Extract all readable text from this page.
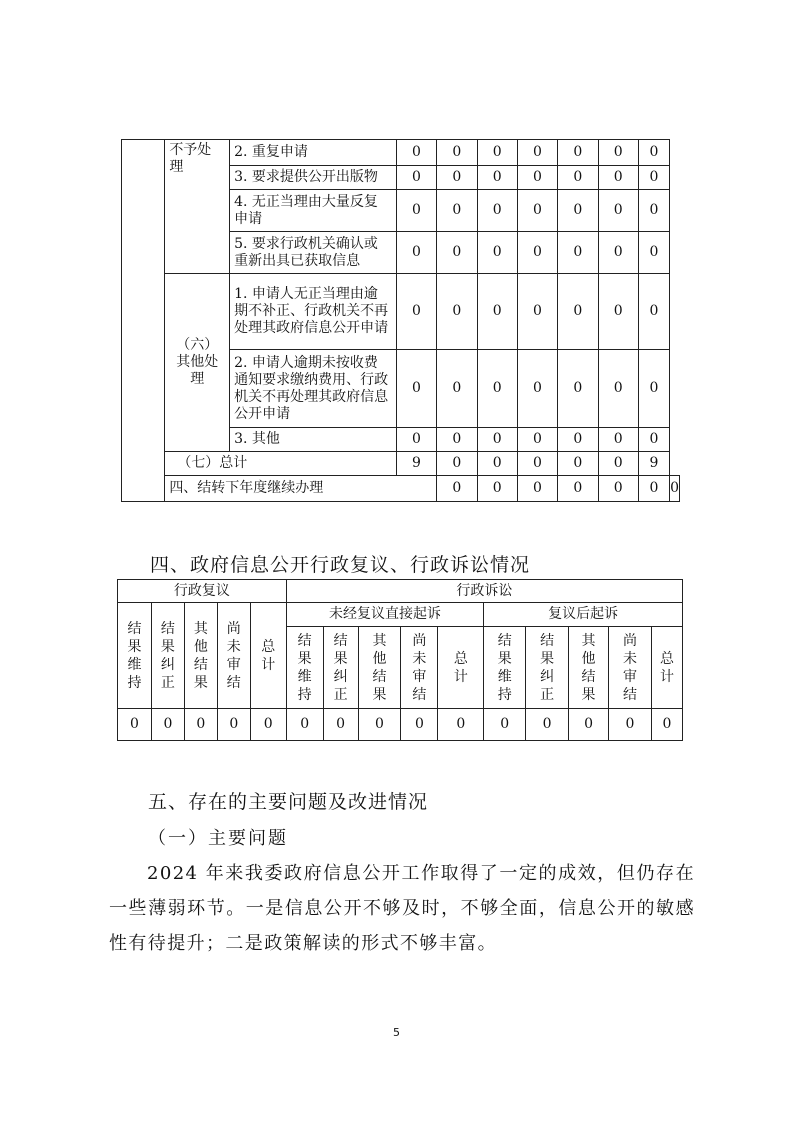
	不予处理	2. 重复申请	0	0	0	0	0	0	0	
		3. 要求提供公开出版物	0	0	0	0	0	0	0	
		4. 无正当理由大量反复申请	0	0	0	0	0	0	0	
		5. 要求行政机关确认或重新出具已获取信息	0	0	0	0	0	0	0	
	（六）其他处理	1. 申请人无正当理由逾期不补正、行政机关不再处理其政府信息公开申请	0	0	0	0	0	0	0	
		2. 申请人逾期未按收费通知要求缴纳费用、行政机关不再处理其政府信息公开申请	0	0	0	0	0	0	0	
		3. 其他	0	0	0	0	0	0	0	
	（七）总计		9	0	0	0	0	0	9	
	四、结转下年度继续办理			0	0	0	0	0	0	0
四、政府信息公开行政复议、行政诉讼情况
行政复议					行政诉讼									
结果维持	结果纠正	其他结果	尚未审结	总计	未经复议直接起诉					复议后起诉				
					结果维持	结果纠正	其他结果	尚未审结	总计	结果维持	结果纠正	其他结果	尚未审结	总计
0	0	0	0	0	0	0	0	0	0	0	0	0	0	0
五、存在的主要问题及改进情况
（一）主要问题

2024 年来我委政府信息公开工作取得了一定的成效，但仍存在一些薄弱环节。一是信息公开不够及时，不够全面，信息公开的敏感性有待提升；二是政策解读的形式不够丰富。

5
